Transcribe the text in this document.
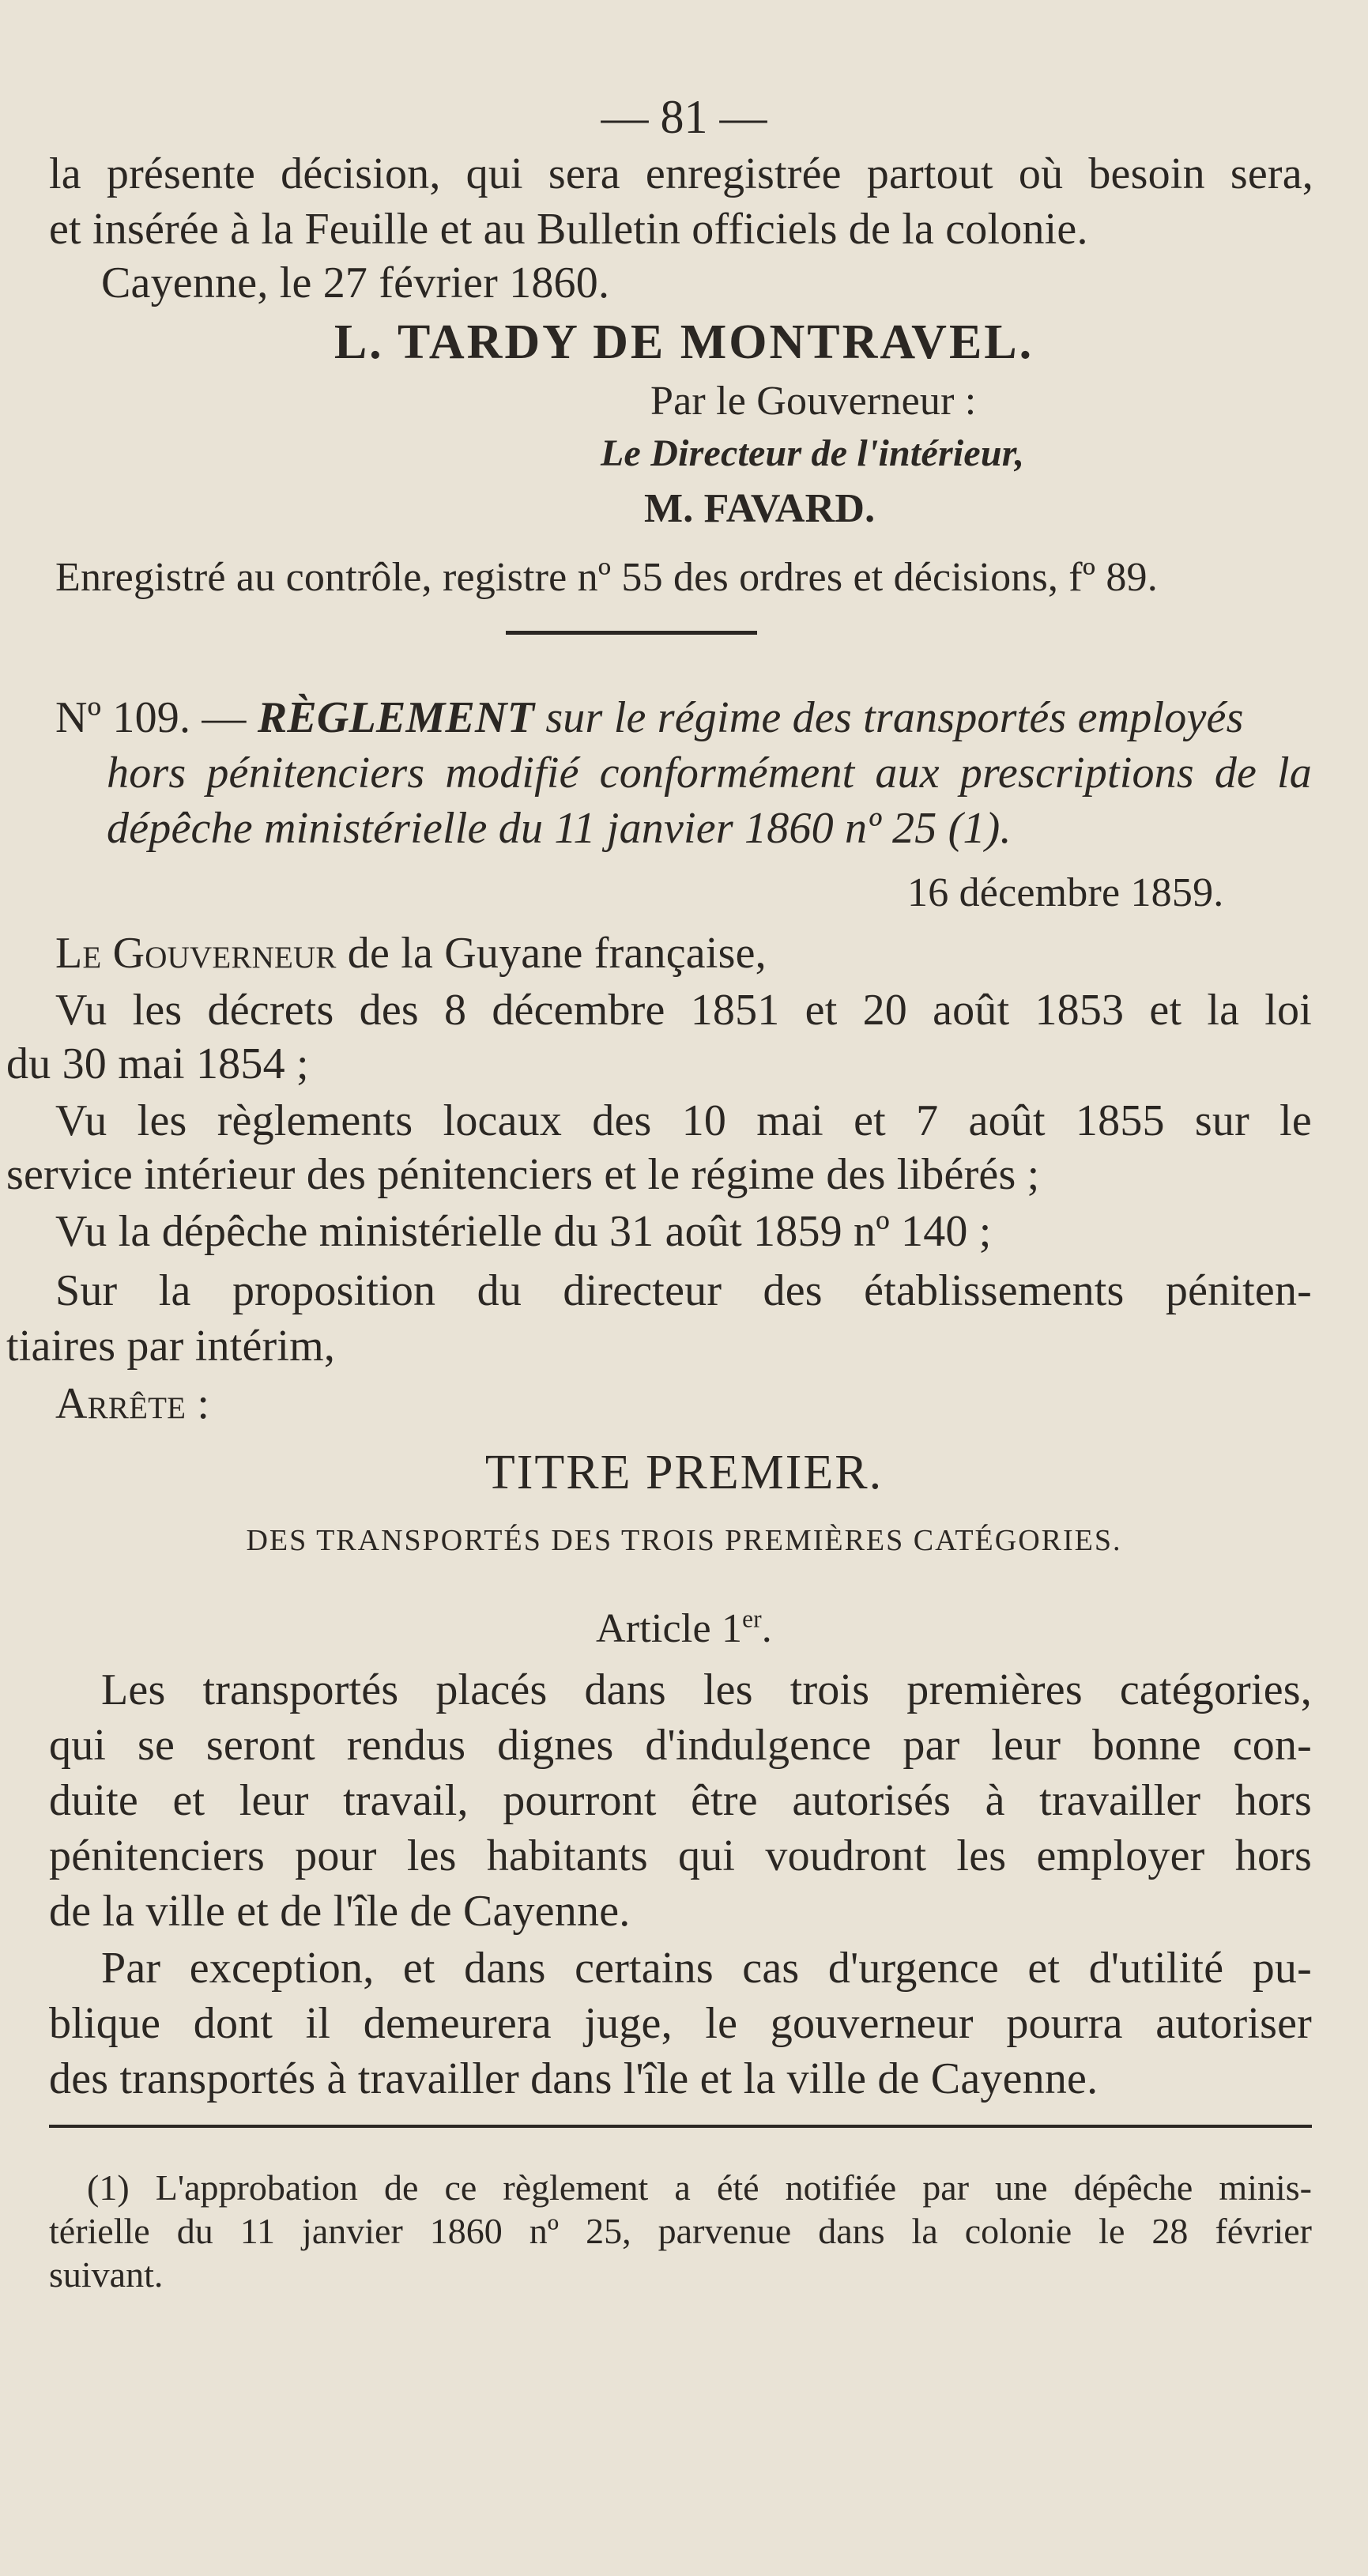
— 81 —
la présente décision, qui sera enregistrée partout où besoin sera,
et insérée à la Feuille et au Bulletin officiels de la colonie.
Cayenne, le 27 février 1860.
L. TARDY DE MONTRAVEL.
Par le Gouverneur :
Le Directeur de l'intérieur,
M. FAVARD.
Enregistré au contrôle, registre nº 55 des ordres et décisions, fº 89.
Nº 109. — RÈGLEMENT sur le régime des transportés employés
hors pénitenciers modifié conformément aux prescriptions de la
dépêche ministérielle du 11 janvier 1860 nº 25 (1).
16 décembre 1859.
Le Gouverneur de la Guyane française,
Vu les décrets des 8 décembre 1851 et 20 août 1853 et la loi
du 30 mai 1854 ;
Vu les règlements locaux des 10 mai et 7 août 1855 sur le
service intérieur des pénitenciers et le régime des libérés ;
Vu la dépêche ministérielle du 31 août 1859 nº 140 ;
Sur la proposition du directeur des établissements péniten-
tiaires par intérim,
Arrête :
TITRE PREMIER.
DES TRANSPORTÉS DES TROIS PREMIÈRES CATÉGORIES.
Article 1er.
Les transportés placés dans les trois premières catégories,
qui se seront rendus dignes d'indulgence par leur bonne con-
duite et leur travail, pourront être autorisés à travailler hors
pénitenciers pour les habitants qui voudront les employer hors
de la ville et de l'île de Cayenne.
Par exception, et dans certains cas d'urgence et d'utilité pu-
blique dont il demeurera juge, le gouverneur pourra autoriser
des transportés à travailler dans l'île et la ville de Cayenne.
(1) L'approbation de ce règlement a été notifiée par une dépêche minis-
térielle du 11 janvier 1860 nº 25, parvenue dans la colonie le 28 février
suivant.
